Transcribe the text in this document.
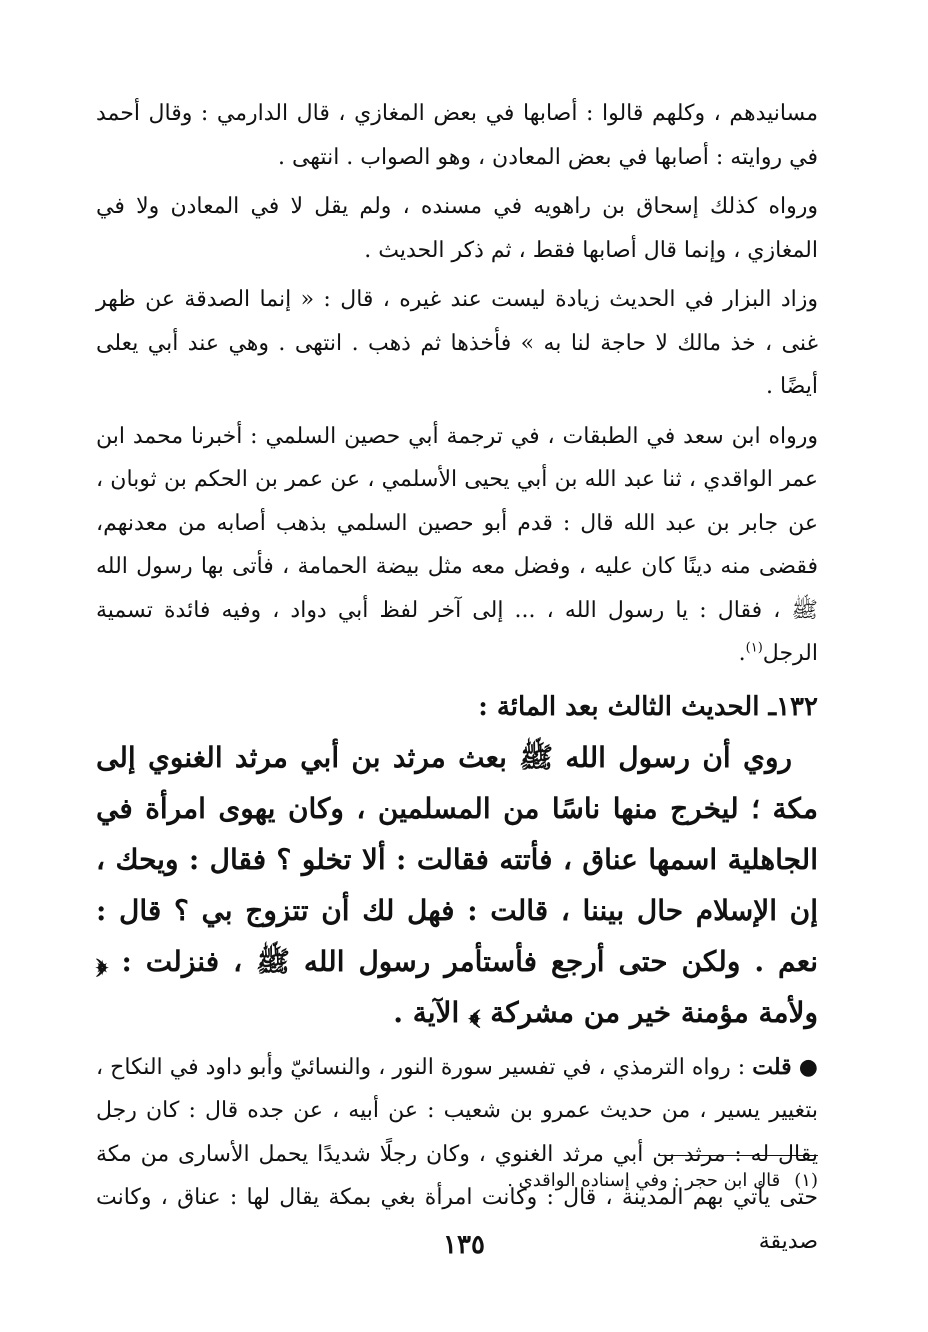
مسانيدهم ، وكلهم قالوا : أصابها في بعض المغازي ، قال الدارمي : وقال أحمد في روايته : أصابها في بعض المعادن ، وهو الصواب . انتهى .

ورواه كذلك إسحاق بن راهويه في مسنده ، ولم يقل لا في المعادن ولا في المغازي ، وإنما قال أصابها فقط ، ثم ذكر الحديث .

وزاد البزار في الحديث زيادة ليست عند غيره ، قال : « إنما الصدقة عن ظهر غنى ، خذ مالك لا حاجة لنا به » فأخذها ثم ذهب . انتهى . وهي عند أبي يعلى أيضًا .

ورواه ابن سعد في الطبقات ، في ترجمة أبي حصين السلمي : أخبرنا محمد ابن عمر الواقدي ، ثنا عبد الله بن أبي يحيى الأسلمي ، عن عمر بن الحكم بن ثوبان ، عن جابر بن عبد الله قال : قدم أبو حصين السلمي بذهب أصابه من معدنهم، فقضى منه دينًا كان عليه ، وفضل معه مثل بيضة الحمامة ، فأتى بها رسول الله ﷺ ، فقال : يا رسول الله ، ... إلى آخر لفظ أبي دواد ، وفيه فائدة تسمية الرجل$^{(١)}$.

١٣٢ـ الحديث الثالث بعد المائة :

روي أن رسول الله ﷺ بعث مرثد بن أبي مرثد الغنوي إلى مكة ؛ ليخرج منها ناسًا من المسلمين ، وكان يهوى امرأة في الجاهلية اسمها عناق ، فأتته فقالت : ألا تخلو ؟ فقال : ويحك ، إن الإسلام حال بيننا ، قالت : فهل لك أن تتزوج بي ؟ قال : نعم . ولكن حتى أرجع فأستأمر رسول الله ﷺ ، فنزلت : ﴿ ولأمة مؤمنة خير من مشركة ﴾ الآية .

● قلت : رواه الترمذي ، في تفسير سورة النور ، والنسائيّ وأبو داود في النكاح ، بتغيير يسير ، من حديث عمرو بن شعيب : عن أبيه ، عن جده قال : كان رجل يقال له : مرثد بن أبي مرثد الغنوي ، وكان رجلًا شديدًا يحمل الأسارى من مكة حتى يأتي بهم المدينة ، قال : وكانت امرأة بغي بمكة يقال لها : عناق ، وكانت صديقة

(١)قال ابن حجر : وفي إسناده الواقدي .
١٣٥
